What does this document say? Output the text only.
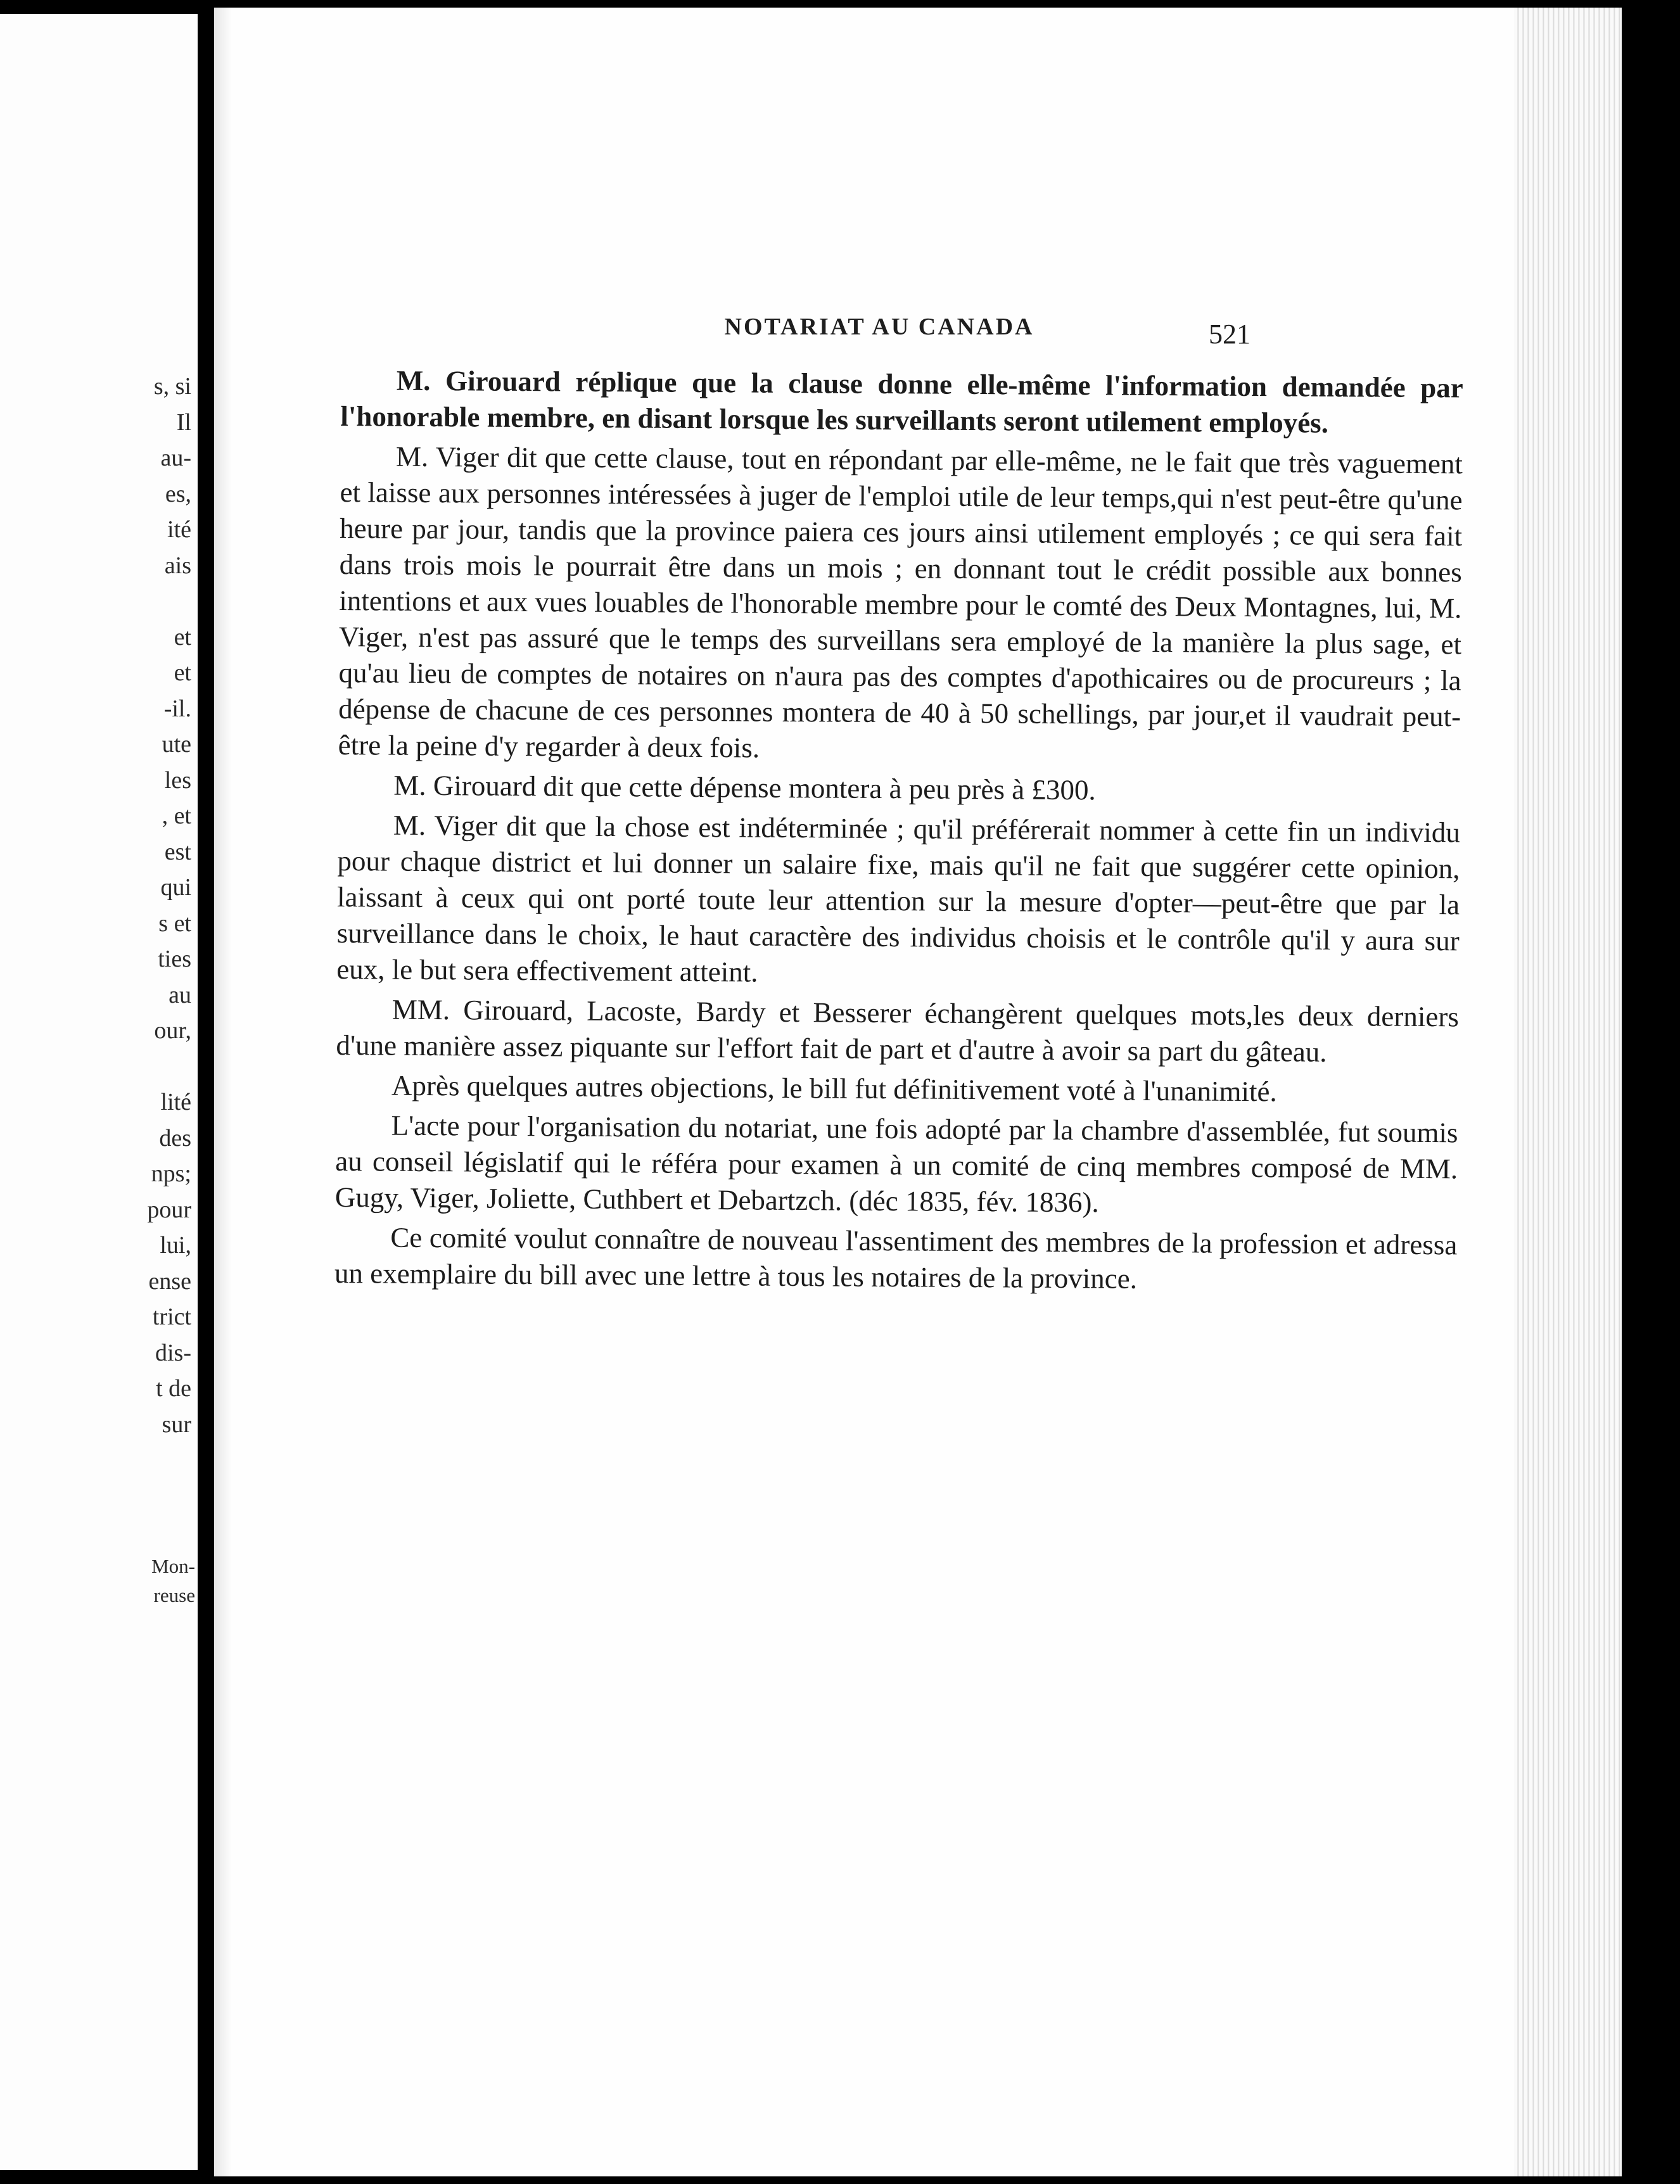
s, si
Il
au-
es,
ité
ais

et
et
-il.
ute
les
, et
est
qui
s et
ties
au
our,

lité
des
nps;
pour
lui,
ense
trict
dis-
t de
sur
Mon-
reuse
NOTARIAT AU CANADA	521

M. Girouard réplique que la clause donne elle-même l'information demandée par l'honorable membre, en disant lorsque les surveillants seront utilement employés.

M. Viger dit que cette clause, tout en répondant par elle-même, ne le fait que très vaguement et laisse aux personnes intéressées à juger de l'emploi utile de leur temps,qui n'est peut-être qu'une heure par jour, tandis que la province paiera ces jours ainsi utilement employés ; ce qui sera fait dans trois mois le pourrait être dans un mois ; en donnant tout le crédit possible aux bonnes intentions et aux vues louables de l'honorable membre pour le comté des Deux Montagnes, lui, M. Viger, n'est pas assuré que le temps des surveillans sera employé de la manière la plus sage, et qu'au lieu de comptes de notaires on n'aura pas des comptes d'apothicaires ou de procureurs ; la dépense de chacune de ces personnes montera de 40 à 50 schellings, par jour,et il vaudrait peut-être la peine d'y regarder à deux fois.

M. Girouard dit que cette dépense montera à peu près à £300.

M. Viger dit que la chose est indéterminée ; qu'il préférerait nommer à cette fin un individu pour chaque district et lui donner un salaire fixe, mais qu'il ne fait que suggérer cette opinion, laissant à ceux qui ont porté toute leur attention sur la mesure d'opter—peut-être que par la surveillance dans le choix, le haut caractère des individus choisis et le contrôle qu'il y aura sur eux, le but sera effectivement atteint.

MM. Girouard, Lacoste, Bardy et Besserer échangèrent quelques mots,les deux derniers d'une manière assez piquante sur l'effort fait de part et d'autre à avoir sa part du gâteau.

Après quelques autres objections, le bill fut définitivement voté à l'unanimité.

L'acte pour l'organisation du notariat, une fois adopté par la chambre d'assemblée, fut soumis au conseil législatif qui le référa pour examen à un comité de cinq membres composé de MM. Gugy, Viger, Joliette, Cuthbert et Debartzch. (déc 1835, fév. 1836).

Ce comité voulut connaître de nouveau l'assentiment des membres de la profession et adressa un exemplaire du bill avec une lettre à tous les notaires de la province.
